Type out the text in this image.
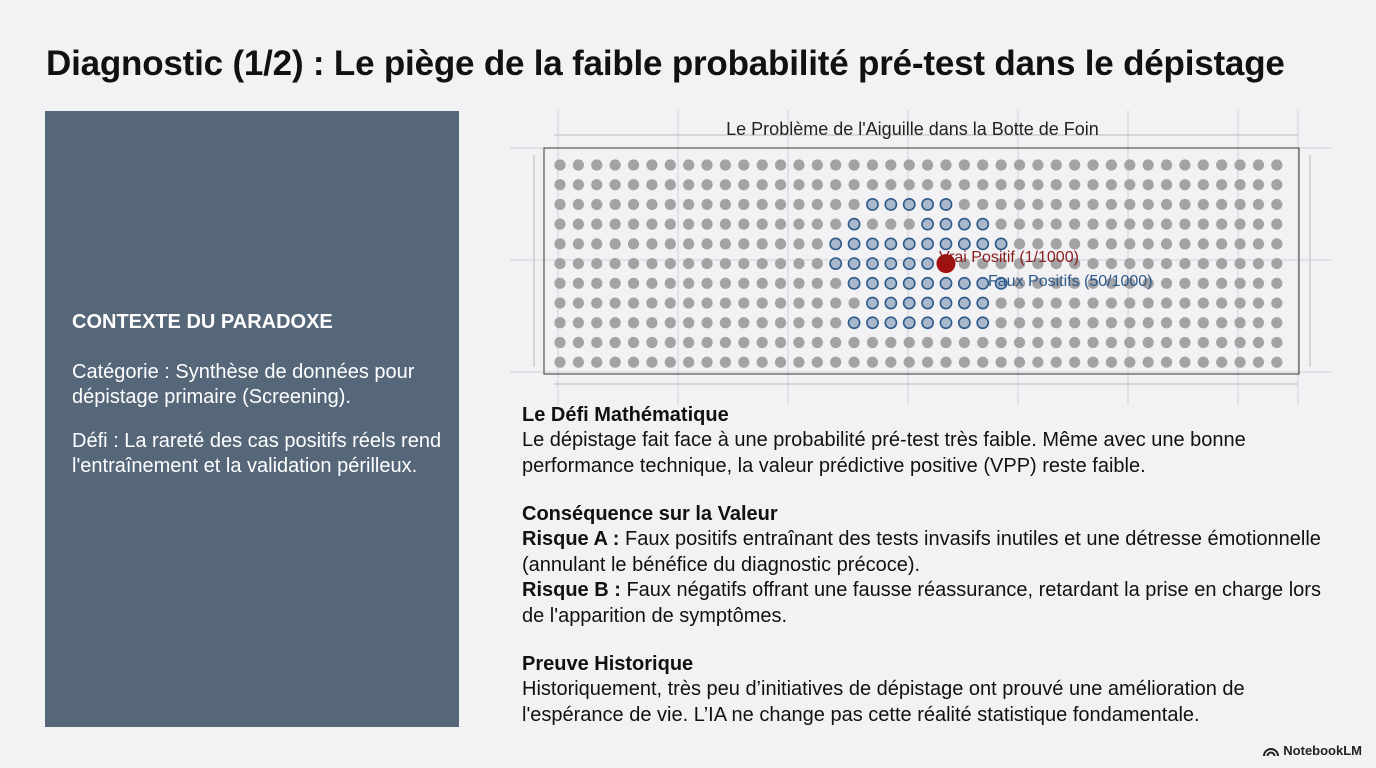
Diagnostic (1/2) : Le piège de la faible probabilité pré-test dans le dépistage

CONTEXTE DU PARADOXE

Catégorie : Synthèse de données pour dépistage primaire (Screening).

Défi : La rareté des cas positifs réels rend l'entraînement et la validation périlleux.

Le Problème de l'Aiguille dans la Botte de Foin
Vrai Positif (1/1000)
Faux Positifs (50/1000)
Le Défi Mathématique
Le dépistage fait face à une probabilité pré-test très faible. Même avec une bonne performance technique, la valeur prédictive positive (VPP) reste faible.
Conséquence sur la Valeur
Risque A : Faux positifs entraînant des tests invasifs inutiles et une détresse émotionnelle (annulant le bénéfice du diagnostic précoce).
Risque B : Faux négatifs offrant une fausse réassurance, retardant la prise en charge lors de l'apparition de symptômes.
Preuve Historique
Historiquement, très peu d’initiatives de dépistage ont prouvé une amélioration de l'espérance de vie. L’IA ne change pas cette réalité statistique fondamentale.
NotebookLM
